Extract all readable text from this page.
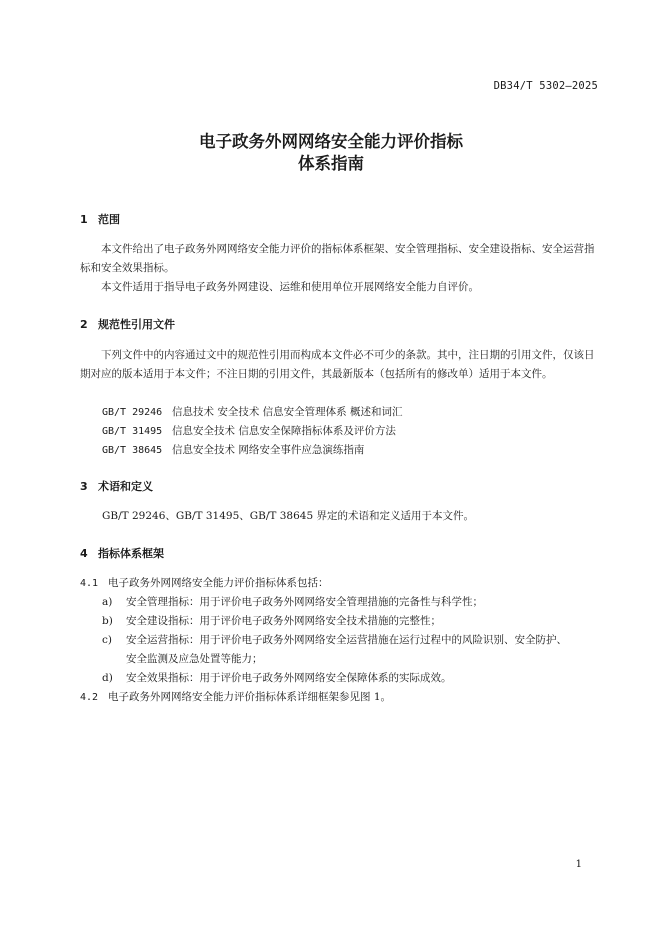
DB34/T 5302—2025
电子政务外网网络安全能力评价指标
体系指南
1 范围
本文件给出了电子政务外网网络安全能力评价的指标体系框架、安全管理指标、安全建设指标、安全运营指标和安全效果指标。
本文件适用于指导电子政务外网建设、运维和使用单位开展网络安全能力自评价。
2 规范性引用文件
下列文件中的内容通过文中的规范性引用而构成本文件必不可少的条款。其中，注日期的引用文件，仅该日期对应的版本适用于本文件；不注日期的引用文件，其最新版本（包括所有的修改单）适用于本文件。
GB/T 29246 信息技术 安全技术 信息安全管理体系 概述和词汇
GB/T 31495 信息安全技术 信息安全保障指标体系及评价方法
GB/T 38645 信息安全技术 网络安全事件应急演练指南
3 术语和定义
GB/T 29246、GB/T 31495、GB/T 38645 界定的术语和定义适用于本文件。
4 指标体系框架
4.1 电子政务外网网络安全能力评价指标体系包括：
a) 安全管理指标：用于评价电子政务外网网络安全管理措施的完备性与科学性；
b) 安全建设指标：用于评价电子政务外网网络安全技术措施的完整性；
c) 安全运营指标：用于评价电子政务外网网络安全运营措施在运行过程中的风险识别、安全防护、
安全监测及应急处置等能力；
d) 安全效果指标：用于评价电子政务外网网络安全保障体系的实际成效。
4.2 电子政务外网网络安全能力评价指标体系详细框架参见图 1。
1
